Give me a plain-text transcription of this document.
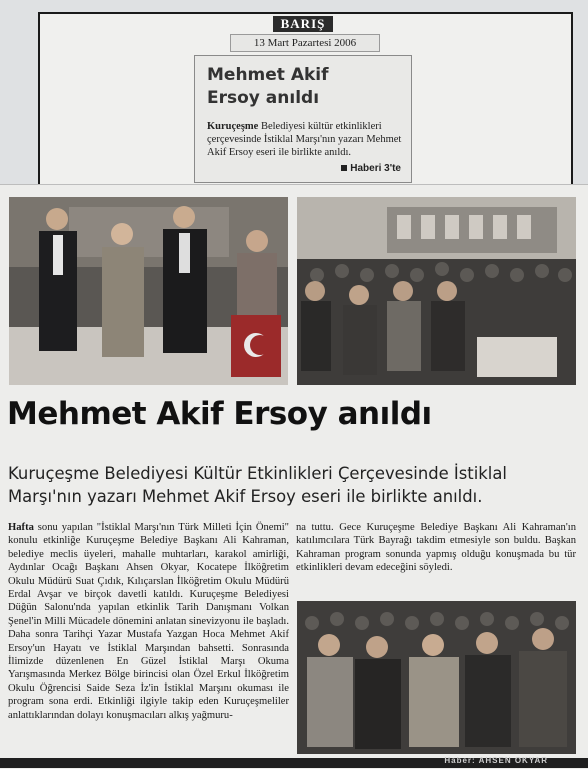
BARIŞ
13 Mart Pazartesi 2006
Mehmet Akif
Ersoy anıldı
Kuruçeşme Belediyesi kültür etkinlikleri çerçevesinde İstiklal Marşı'nın yazarı Mehmet Akif Ersoy eseri ile birlikte anıldı.
Haberi 3'te
Mehmet Akif Ersoy anıldı
Kuruçeşme Belediyesi Kültür Etkinlikleri Çerçevesinde İstiklal Marşı'nın yazarı Mehmet Akif Ersoy eseri ile birlikte anıldı.
Hafta sonu yapılan "İstiklal Marşı'nın Türk Milleti İçin Önemi" konulu etkinliğe Kuruçeşme Belediye Başkanı Ali Kahraman, belediye meclis üyeleri, mahalle muhtarları, karakol amirliği, Aydınlar Ocağı Başkanı Ahsen Okyar, Kocatepe İlköğretim Okulu Müdürü Suat Çıdık, Kılıçarslan İlköğretim Okulu Müdürü Erdal Avşar ve birçok davetli katıldı. Kuruçeşme Belediyesi Düğün Salonu'nda yapılan etkinlik Tarih Danışmanı Volkan Şenel'in Milli Mücadele dönemini anlatan sinevizyonu ile başladı. Daha sonra Tarihçi Yazar Mustafa Yazgan Hoca Mehmet Akif Ersoy'un Hayatı ve İstiklal Marşından bahsetti. Sonrasında İlimizde düzenlenen En Güzel İstiklal Marşı Okuma Yarışmasında Merkez Bölge birincisi olan Özel Erkul İlköğretim Okulu Öğrencisi Saide Seza İz'in İstiklal Marşını okuması ile program sona erdi. Etkinliği ilgiyle takip eden Kuruçeşmeliler anlattıklarından dolayı konuşmacıları alkış yağmuru-
na tuttu. Gece Kuruçeşme Belediye Başkanı Ali Kahraman'ın katılımcılara Türk Bayrağı takdim etmesiyle son buldu. Başkan Kahraman program sonunda yapmış olduğu konuşmada bu tür etkinlikleri devam edeceğini söyledi.
Haber: AHSEN OKYAR
